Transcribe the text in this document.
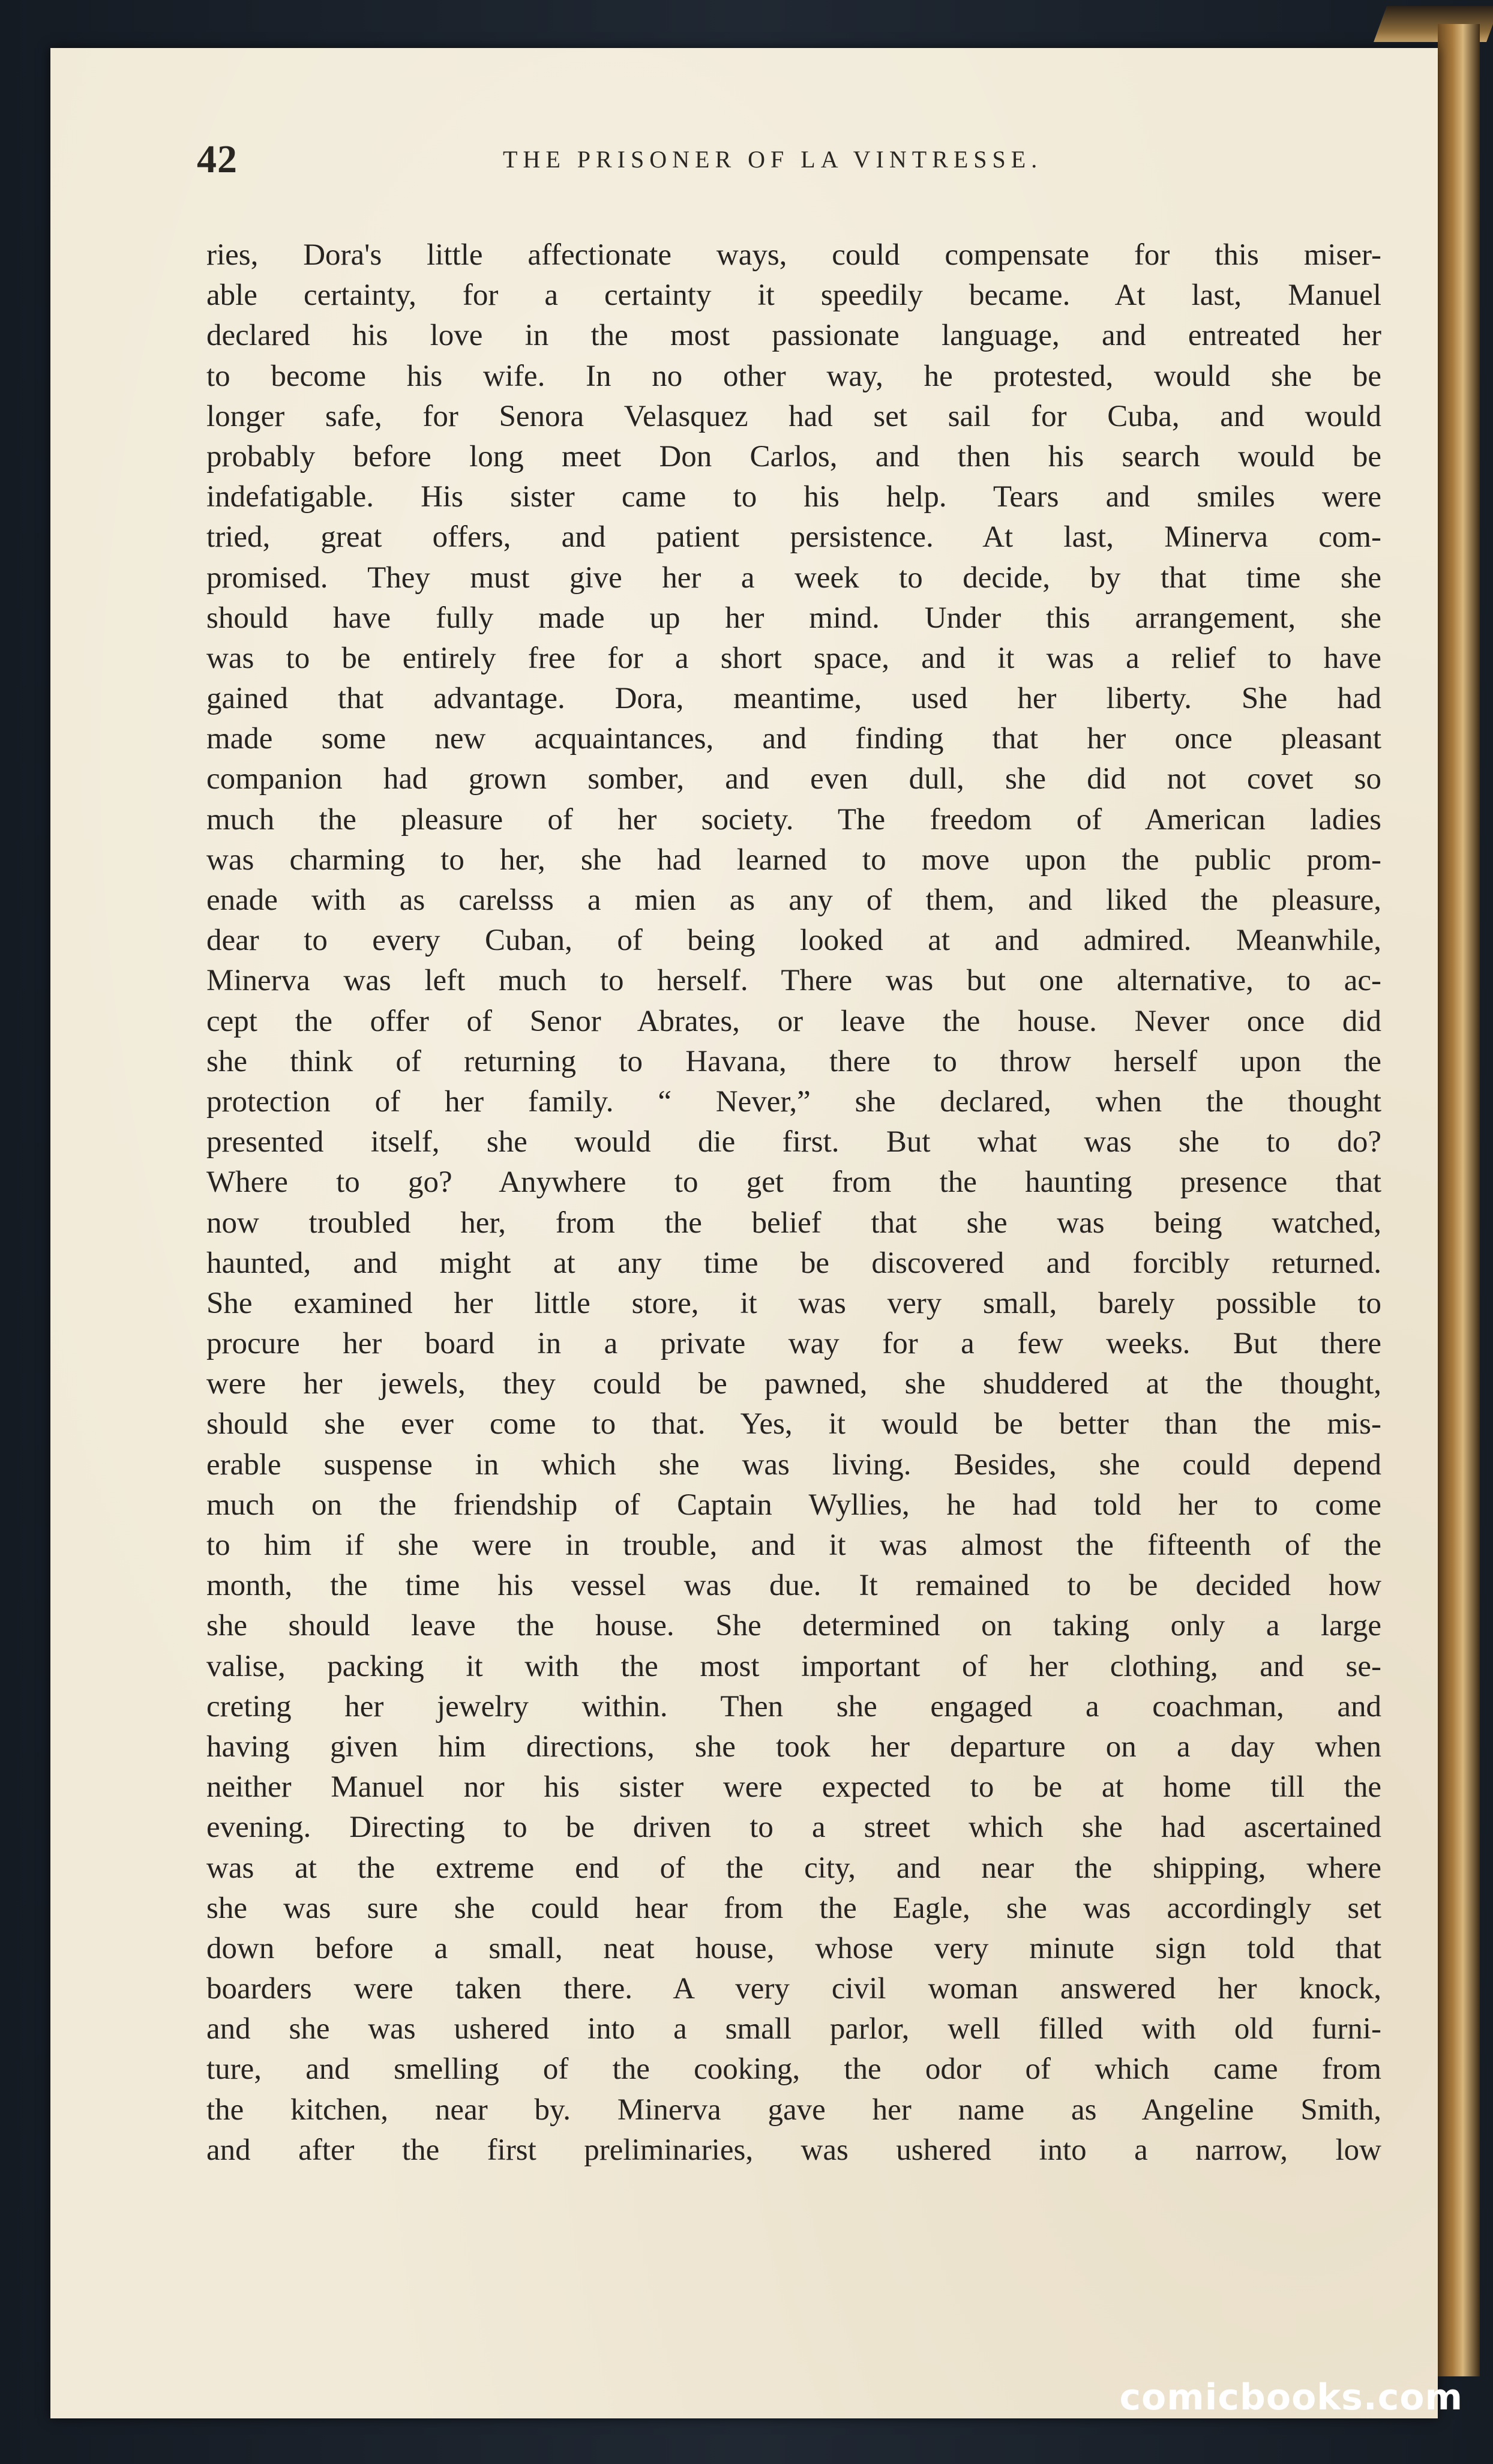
42	THE PRISONER OF LA VINTRESSE.
ries, Dora's little affectionate ways, could compensate for this miser-
able certainty, for a certainty it speedily became. At last, Manuel
declared his love in the most passionate language, and entreated her
to become his wife. In no other way, he protested, would she be
longer safe, for Senora Velasquez had set sail for Cuba, and would
probably before long meet Don Carlos, and then his search would be
indefatigable. His sister came to his help. Tears and smiles were
tried, great offers, and patient persistence. At last, Minerva com-
promised. They must give her a week to decide, by that time she
should have fully made up her mind. Under this arrangement, she
was to be entirely free for a short space, and it was a relief to have
gained that advantage. Dora, meantime, used her liberty. She had
made some new acquaintances, and finding that her once pleasant
companion had grown somber, and even dull, she did not covet so
much the pleasure of her society. The freedom of American ladies
was charming to her, she had learned to move upon the public prom-
enade with as carelsss a mien as any of them, and liked the pleasure,
dear to every Cuban, of being looked at and admired. Meanwhile,
Minerva was left much to herself. There was but one alternative, to ac-
cept the offer of Senor Abrates, or leave the house. Never once did
she think of returning to Havana, there to throw herself upon the
protection of her family. “ Never,” she declared, when the thought
presented itself, she would die first. But what was she to do?
Where to go? Anywhere to get from the haunting presence that
now troubled her, from the belief that she was being watched,
haunted, and might at any time be discovered and forcibly returned.
She examined her little store, it was very small, barely possible to
procure her board in a private way for a few weeks. But there
were her jewels, they could be pawned, she shuddered at the thought,
should she ever come to that. Yes, it would be better than the mis-
erable suspense in which she was living. Besides, she could depend
much on the friendship of Captain Wyllies, he had told her to come
to him if she were in trouble, and it was almost the fifteenth of the
month, the time his vessel was due. It remained to be decided how
she should leave the house. She determined on taking only a large
valise, packing it with the most important of her clothing, and se-
creting her jewelry within. Then she engaged a coachman, and
having given him directions, she took her departure on a day when
neither Manuel nor his sister were expected to be at home till the
evening. Directing to be driven to a street which she had ascertained
was at the extreme end of the city, and near the shipping, where
she was sure she could hear from the Eagle, she was accordingly set
down before a small, neat house, whose very minute sign told that
boarders were taken there. A very civil woman answered her knock,
and she was ushered into a small parlor, well filled with old furni-
ture, and smelling of the cooking, the odor of which came from
the kitchen, near by. Minerva gave her name as Angeline Smith,
and after the first preliminaries, was ushered into a narrow, low
comicbooks.com
